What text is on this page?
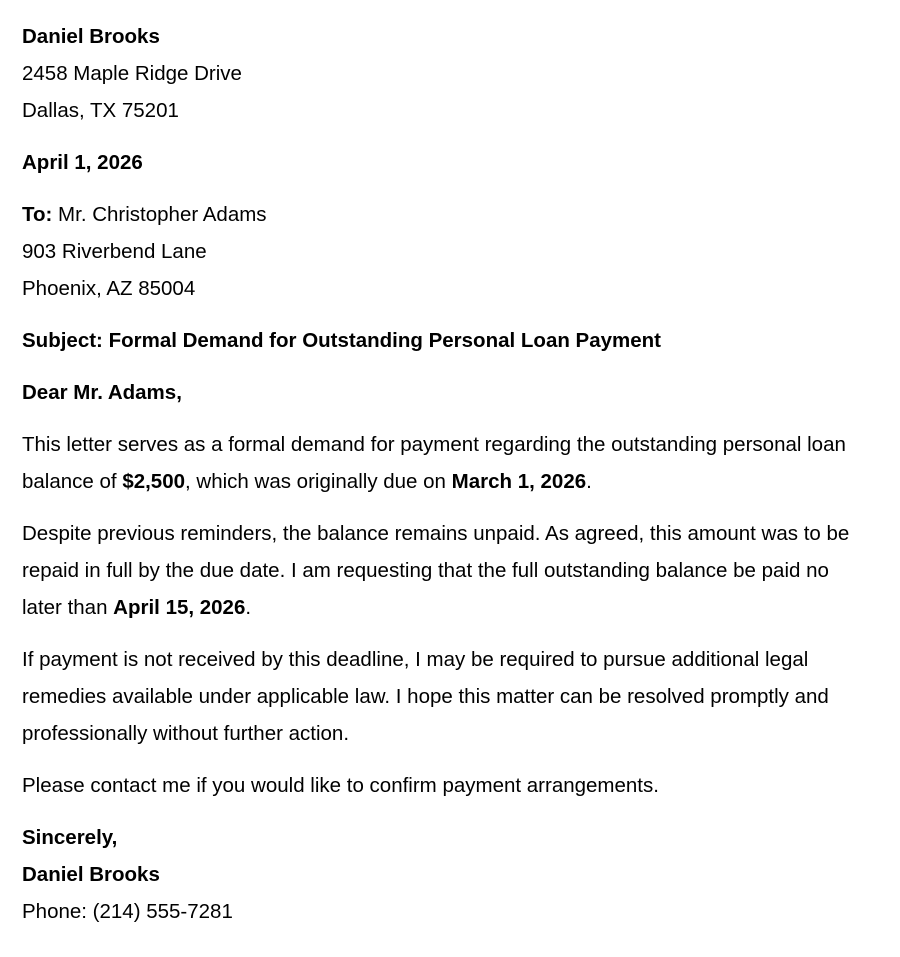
Daniel Brooks
2458 Maple Ridge Drive
Dallas, TX 75201
April 1, 2026
To: Mr. Christopher Adams
903 Riverbend Lane
Phoenix, AZ 85004
Subject: Formal Demand for Outstanding Personal Loan Payment
Dear Mr. Adams,

This letter serves as a formal demand for payment regarding the outstanding personal loan balance of $2,500, which was originally due on March 1, 2026.

Despite previous reminders, the balance remains unpaid. As agreed, this amount was to be repaid in full by the due date. I am requesting that the full outstanding balance be paid no later than April 15, 2026.

If payment is not received by this deadline, I may be required to pursue additional legal remedies available under applicable law. I hope this matter can be resolved promptly and professionally without further action.

Please contact me if you would like to confirm payment arrangements.

Sincerely,
Daniel Brooks
Phone: (214) 555-7281
